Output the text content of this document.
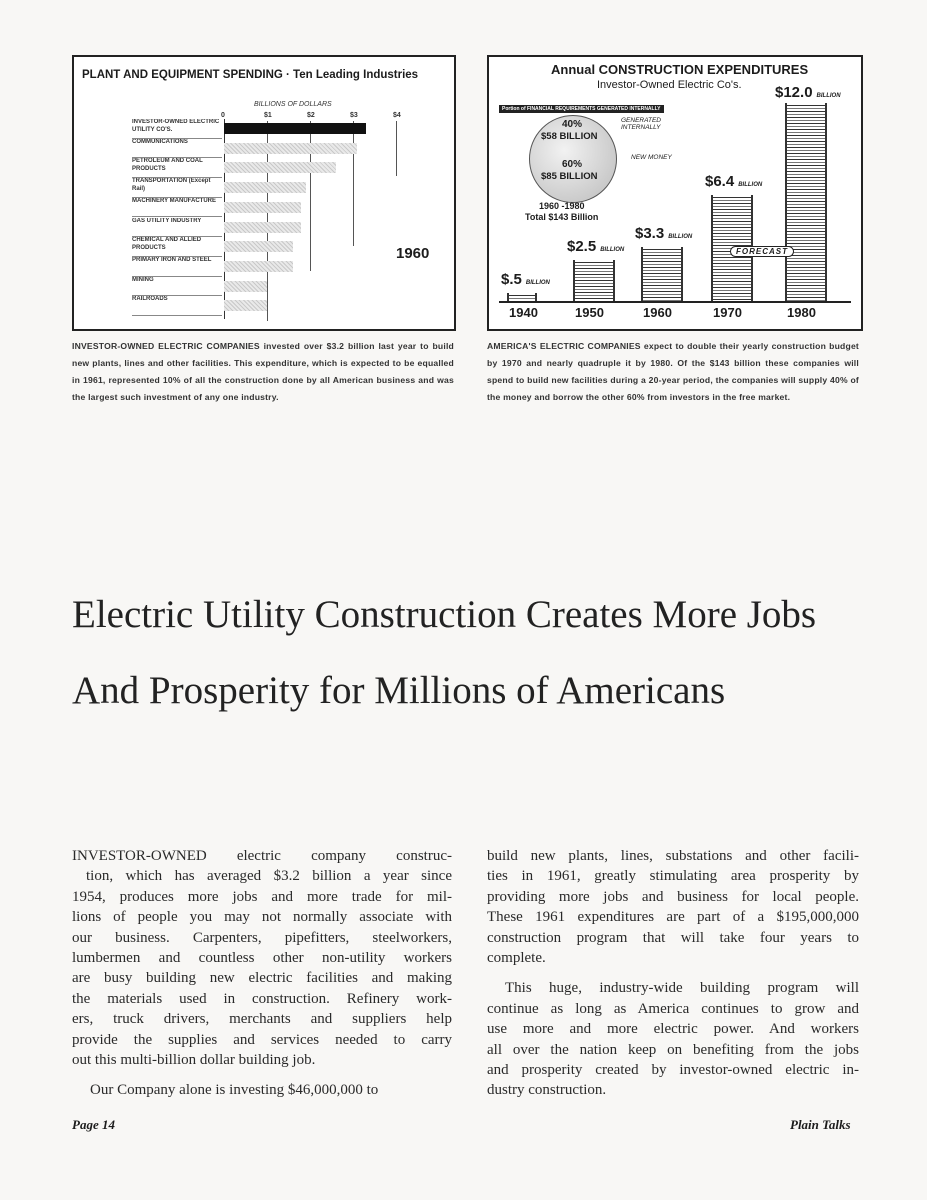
PLANT AND EQUIPMENT SPENDING · Ten Leading Industries
BILLIONS OF DOLLARS
0	$1	$2	$3	$4
INVESTOR-OWNED ELECTRIC UTILITY CO'S.
COMMUNICATIONS
PETROLEUM AND COAL PRODUCTS
TRANSPORTATION (Except Rail)
MACHINERY MANUFACTURE
GAS UTILITY INDUSTRY
CHEMICAL AND ALLIED PRODUCTS
PRIMARY IRON AND STEEL
MINING
RAILROADS
1960
INVESTOR-OWNED ELECTRIC COMPANIES invested over $3.2 billion last year to build new plants, lines and other facilities. This expenditure, which is expected to be equalled in 1961, represented 10% of all the construction done by all American business and was the largest such investment of any one industry.
Annual CONSTRUCTION EXPENDITURES
Investor-Owned Electric Co's.
Portion of FINANCIAL REQUIREMENTS GENERATED INTERNALLY
40%
$58 BILLION
60%
$85 BILLION
GENERATED INTERNALLY
NEW MONEY
1960 -1980
Total $143 Billion
$.5 BILLION
1940
$2.5 BILLION
1950
$3.3 BILLION
1960
$6.4 BILLION
1970
$12.0 BILLION
1980
FORECAST
AMERICA'S ELECTRIC COMPANIES expect to double their yearly construction budget by 1970 and nearly quadruple it by 1980. Of the $143 billion these companies will spend to build new facilities during a 20-year period, the companies will supply 40% of the money and borrow the other 60% from investors in the free market.
Electric Utility Construction Creates More Jobs
And Prosperity for Millions of Americans
INVESTOR-OWNED electric company construc-
tion, which has averaged $3.2 billion a year since
1954, produces more jobs and more trade for mil-
lions of people you may not normally associate with
our business. Carpenters, pipefitters, steelworkers,
lumbermen and countless other non-utility workers
are busy building new electric facilities and making
the materials used in construction. Refinery work-
ers, truck drivers, merchants and suppliers help
provide the supplies and services needed to carry
out this multi-billion dollar building job.
Our Company alone is investing $46,000,000 to
build new plants, lines, substations and other facili-
ties in 1961, greatly stimulating area prosperity by
providing more jobs and business for local people.
These 1961 expenditures are part of a $195,000,000
construction program that will take four years to
complete.
This huge, industry-wide building program will
continue as long as America continues to grow and
use more and more electric power. And workers
all over the nation keep on benefiting from the jobs
and prosperity created by investor-owned electric in-
dustry construction.
Page 14	Plain Talks
